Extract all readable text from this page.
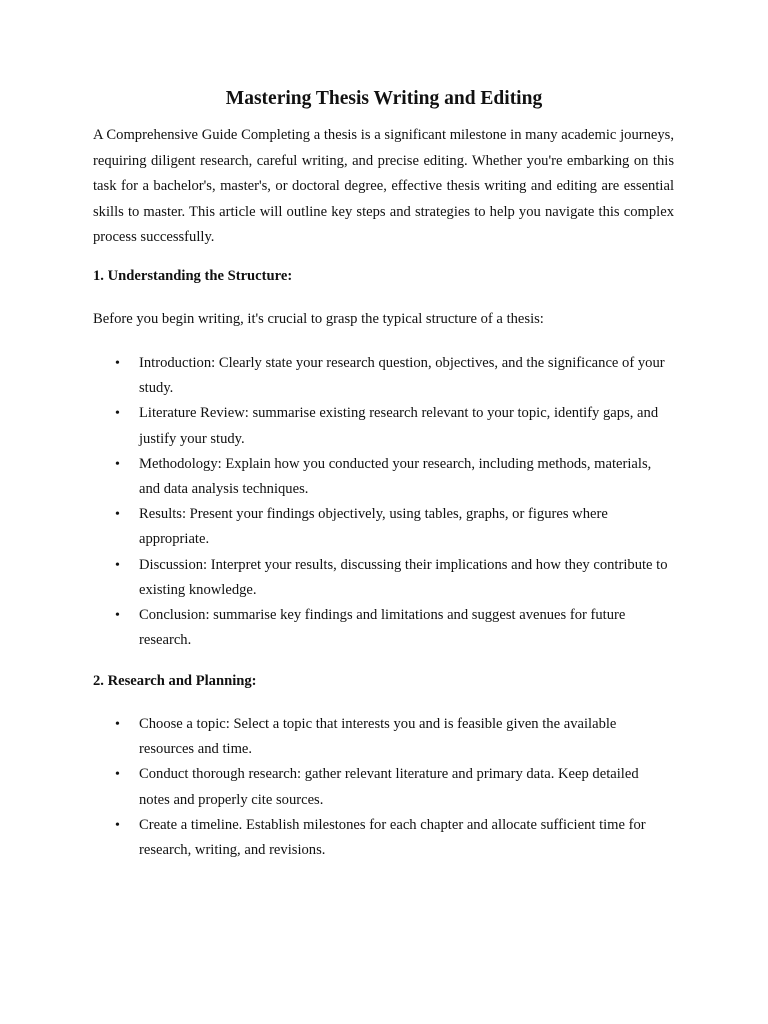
Mastering Thesis Writing and Editing

A Comprehensive Guide Completing a thesis is a significant milestone in many academic journeys, requiring diligent research, careful writing, and precise editing. Whether you're embarking on this task for a bachelor's, master's, or doctoral degree, effective thesis writing and editing are essential skills to master. This article will outline key steps and strategies to help you navigate this complex process successfully.

1. Understanding the Structure:

Before you begin writing, it's crucial to grasp the typical structure of a thesis:

• Introduction: Clearly state your research question, objectives, and the significance of your study.
• Literature Review: summarise existing research relevant to your topic, identify gaps, and justify your study.
• Methodology: Explain how you conducted your research, including methods, materials, and data analysis techniques.
• Results: Present your findings objectively, using tables, graphs, or figures where appropriate.
• Discussion: Interpret your results, discussing their implications and how they contribute to existing knowledge.
• Conclusion: summarise key findings and limitations and suggest avenues for future research.
2. Research and Planning:
• Choose a topic: Select a topic that interests you and is feasible given the available resources and time.
• Conduct thorough research: gather relevant literature and primary data. Keep detailed notes and properly cite sources.
• Create a timeline. Establish milestones for each chapter and allocate sufficient time for research, writing, and revisions.
